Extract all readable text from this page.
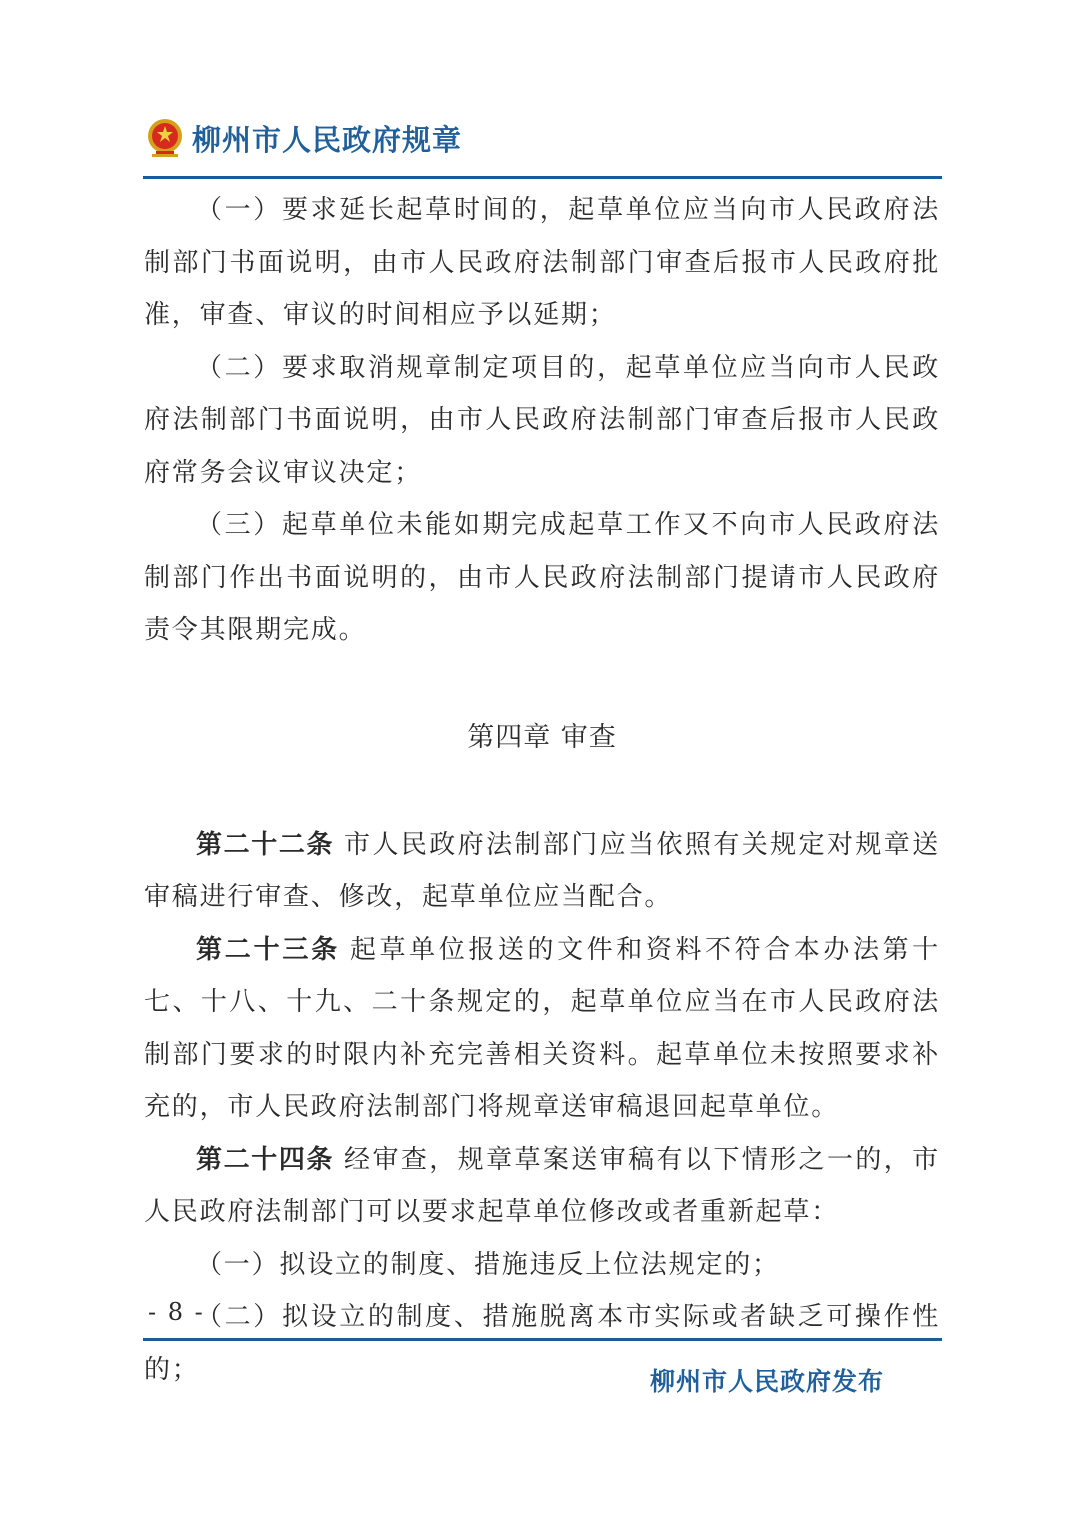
柳州市人民政府规章

（一）要求延长起草时间的，起草单位应当向市人民政府法制部门书面说明，由市人民政府法制部门审查后报市人民政府批准，审查、审议的时间相应予以延期；

（二）要求取消规章制定项目的，起草单位应当向市人民政府法制部门书面说明，由市人民政府法制部门审查后报市人民政府常务会议审议决定；

（三）起草单位未能如期完成起草工作又不向市人民政府法制部门作出书面说明的，由市人民政府法制部门提请市人民政府责令其限期完成。

第四章 审查

第二十二条 市人民政府法制部门应当依照有关规定对规章送审稿进行审查、修改，起草单位应当配合。

第二十三条 起草单位报送的文件和资料不符合本办法第十七、十八、十九、二十条规定的，起草单位应当在市人民政府法制部门要求的时限内补充完善相关资料。起草单位未按照要求补充的，市人民政府法制部门将规章送审稿退回起草单位。

第二十四条 经审查，规章草案送审稿有以下情形之一的，市人民政府法制部门可以要求起草单位修改或者重新起草：

（一）拟设立的制度、措施违反上位法规定的；

（二）拟设立的制度、措施脱离本市实际或者缺乏可操作性的；

- 8 -
柳州市人民政府发布
